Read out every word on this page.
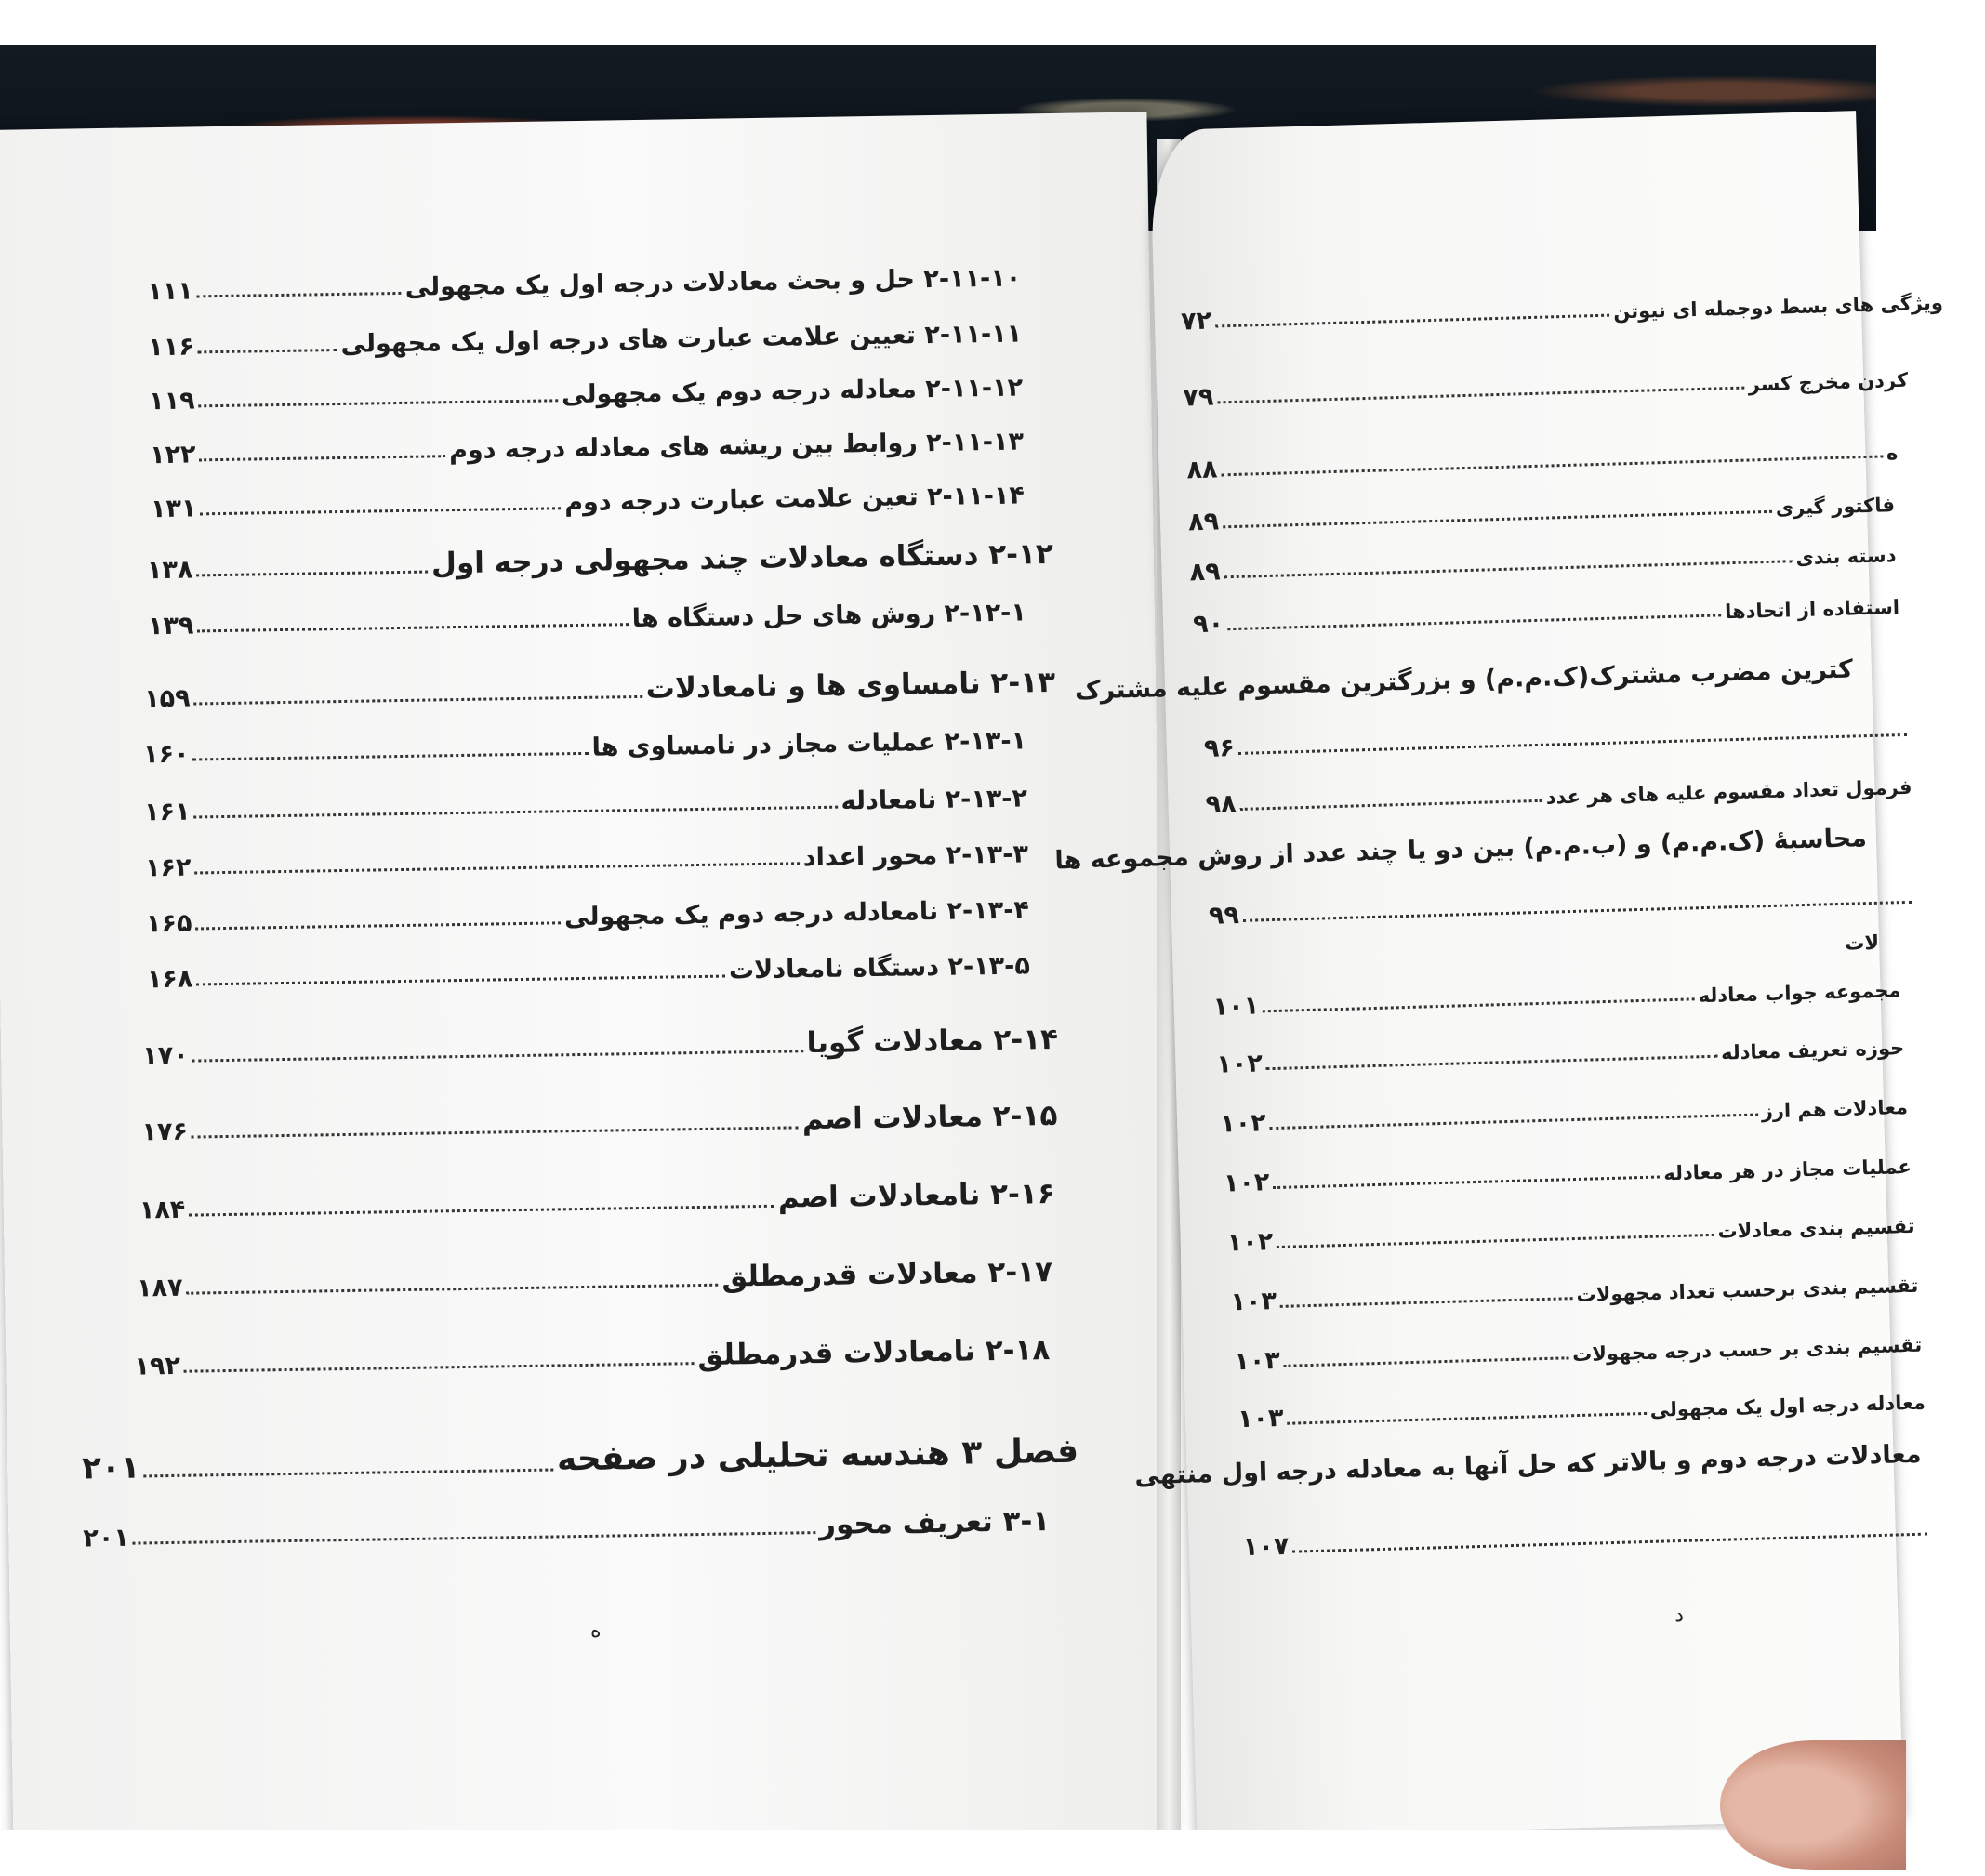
۲-۱۱-۱۰ حل و بحث معادلات درجه اول یک مجهولی
۱۱۱
۲-۱۱-۱۱ تعیین علامت عبارت های درجه اول یک مجهولی
۱۱۶
۲-۱۱-۱۲ معادله درجه دوم یک مجهولی
۱۱۹
۲-۱۱-۱۳ روابط بین ریشه های معادله درجه دوم
۱۲۲
۲-۱۱-۱۴ تعین علامت عبارت درجه دوم
۱۳۱
۲-۱۲ دستگاه معادلات چند مجهولی درجه اول
۱۳۸
۲-۱۲-۱ روش های حل دستگاه ها
۱۳۹
۲-۱۳ نامساوی ها و نامعادلات
۱۵۹
۲-۱۳-۱ عملیات مجاز در نامساوی ها
۱۶۰
۲-۱۳-۲ نامعادله
۱۶۱
۲-۱۳-۳ محور اعداد
۱۶۲
۲-۱۳-۴ نامعادله درجه دوم یک مجهولی
۱۶۵
۲-۱۳-۵ دستگاه نامعادلات
۱۶۸
۲-۱۴ معادلات گویا
۱۷۰
۲-۱۵ معادلات اصم
۱۷۶
۲-۱۶ نامعادلات اصم
۱۸۴
۲-۱۷ معادلات قدرمطلق
۱۸۷
۲-۱۸ نامعادلات قدرمطلق
۱۹۲
فصل ۳ هندسه تحلیلی در صفحه
۲۰۱
۳-۱ تعریف محور
۲۰۱
ه
ویژگی های بسط دوجمله ای نیوتن
۷۲
کردن مخرج کسر
۷۹
ه
۸۸
فاکتور گیری
۸۹
دسته بندی
۸۹
استفاده از اتحادها
۹۰
کترین مضرب مشترک(ک.م.م) و بزرگترین مقسوم علیه مشترک
۹۶
فرمول تعداد مقسوم علیه های هر عدد
۹۸
محاسبهٔ (ک.م.م) و (ب.م.م) بین دو یا چند عدد از روش مجموعه ها
۹۹
لات
مجموعه جواب معادله
۱۰۱
حوزه تعریف معادله
۱۰۲
معادلات هم ارز
۱۰۲
عملیات مجاز در هر معادله
۱۰۲
تقسیم بندی معادلات
۱۰۲
تقسیم بندی برحسب تعداد مجهولات
۱۰۳
تقسیم بندی بر حسب درجه مجهولات
۱۰۳
معادله درجه اول یک مجهولی
۱۰۳
معادلات درجه دوم و بالاتر که حل آنها به معادله درجه اول منتهی
۱۰۷
د
